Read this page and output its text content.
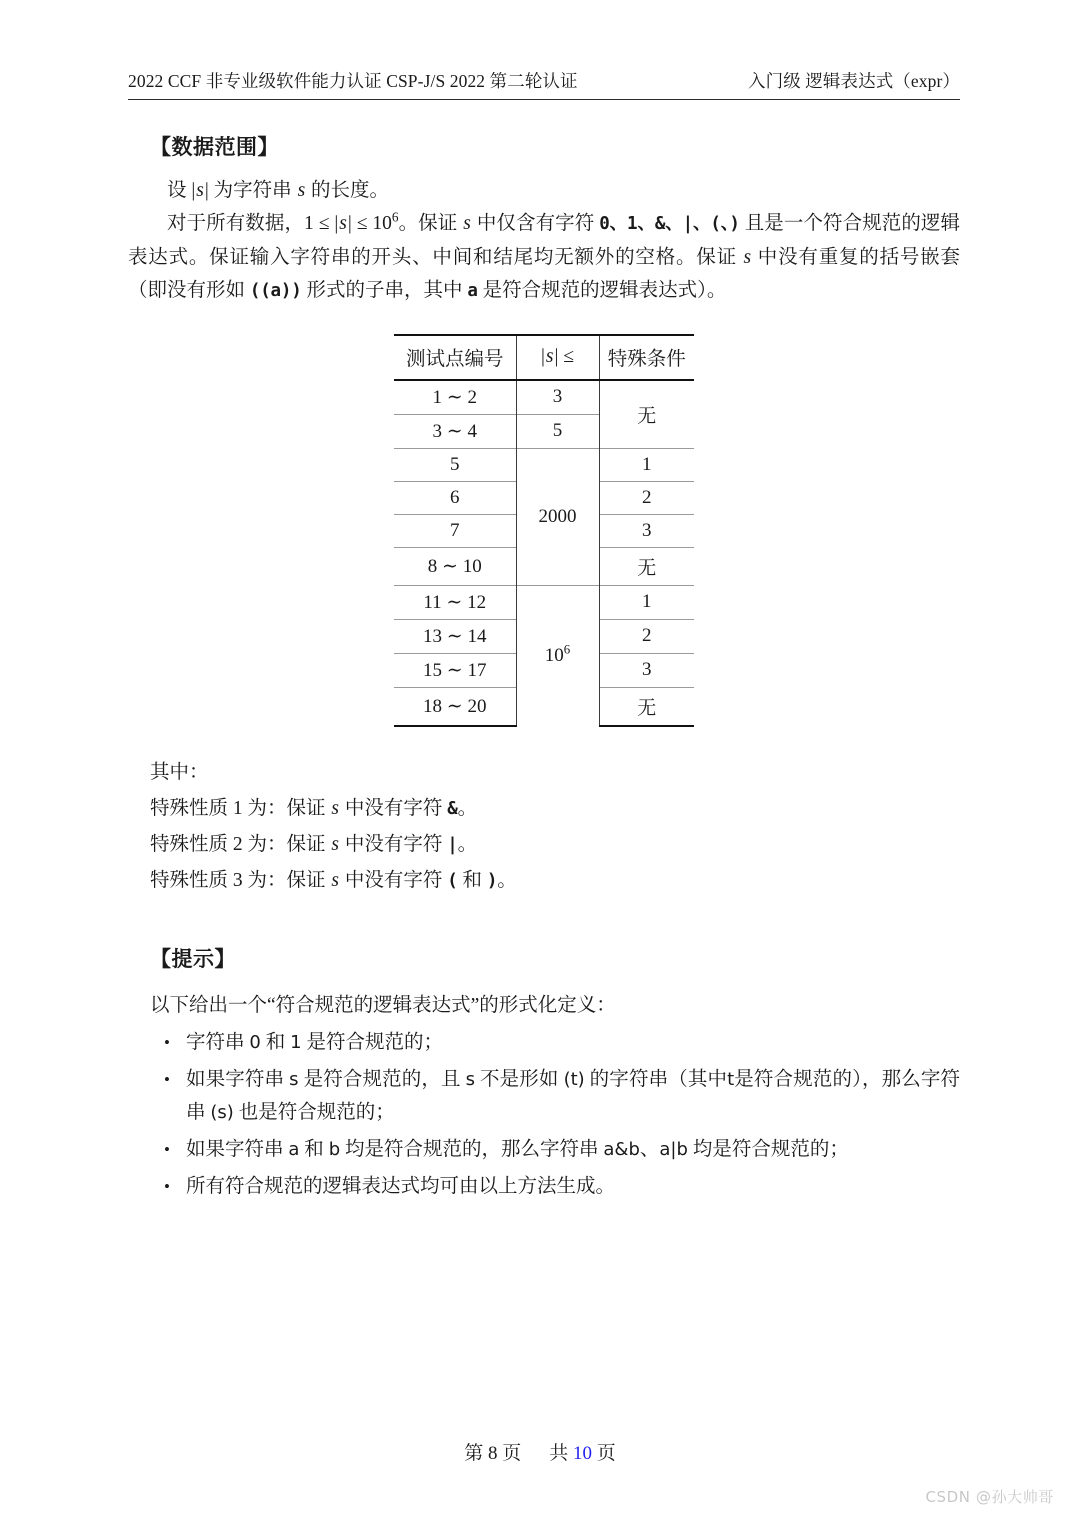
2022 CCF 非专业级软件能力认证 CSP-J/S 2022 第二轮认证	入门级 逻辑表达式（expr）
【数据范围】

设 |s| 为字符串 s 的长度。

对于所有数据，$1 \le |s| \le 10^6$。保证 s 中仅含有字符 0、1、&、|、(、) 且是一个符合规范的逻辑表达式。保证输入字符串的开头、中间和结尾均无额外的空格。保证 s 中没有重复的括号嵌套（即没有形如 ((a)) 形式的子串，其中 a 是符合规范的逻辑表达式）。

测试点编号	|s| ≤	特殊条件
1 ∼ 2	3	无
3 ∼ 4	5	
5	2000	1
6		2
7		3
8 ∼ 10		无
11 ∼ 12	$10^6$	1
13 ∼ 14		2
15 ∼ 17		3
18 ∼ 20		无
其中：
特殊性质 1 为：保证 s 中没有字符 &。
特殊性质 2 为：保证 s 中没有字符 |。
特殊性质 3 为：保证 s 中没有字符 ( 和 )。
【提示】

以下给出一个“符合规范的逻辑表达式”的形式化定义：

• 字符串 0 和 1 是符合规范的；
• 如果字符串 s 是符合规范的，且 s 不是形如 (t) 的字符串（其中t是符合规范的），那么字符串 (s) 也是符合规范的；
• 如果字符串 a 和 b 均是符合规范的，那么字符串 a&b、a|b 均是符合规范的；
• 所有符合规范的逻辑表达式均可由以上方法生成。
第 8 页 共 10 页
CSDN @孙大帅哥
